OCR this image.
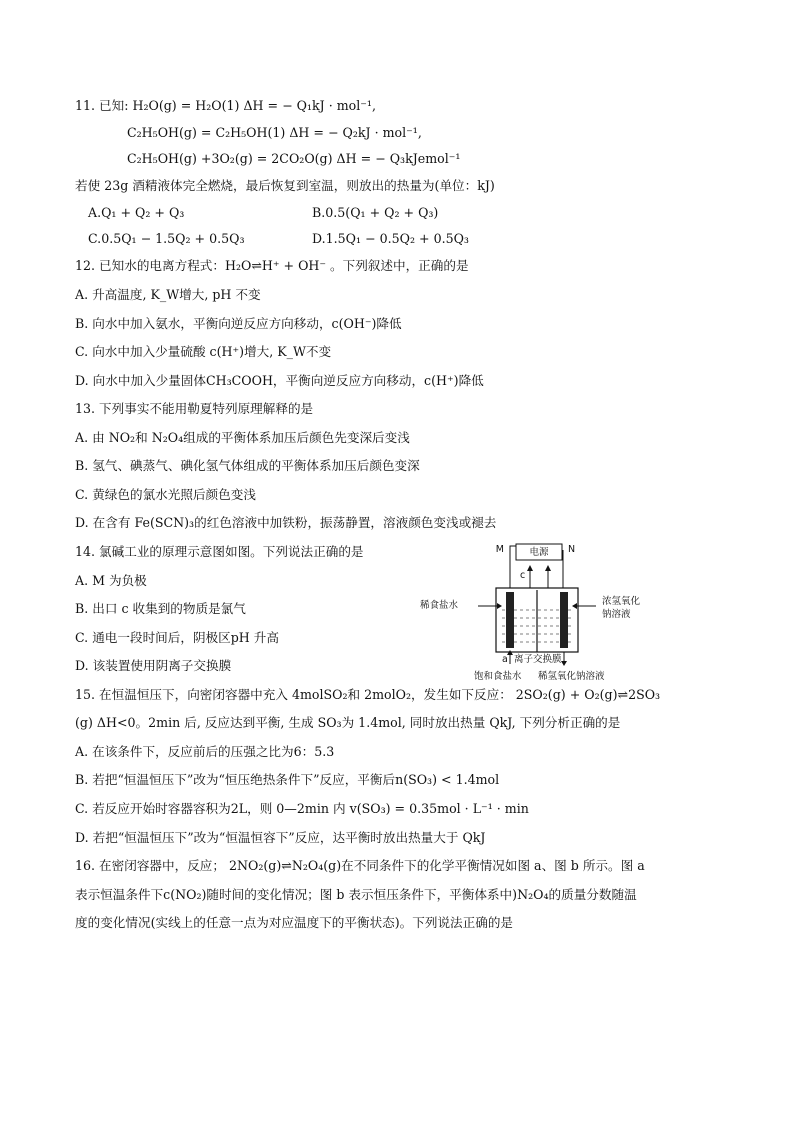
11. 已知: H₂O(g) = H₂O(1) ΔH = − Q₁kJ · mol⁻¹,
C₂H₅OH(g) = C₂H₅OH(1) ΔH = − Q₂kJ · mol⁻¹,
C₂H₅OH(g) +3O₂(g) = 2CO₂O(g) ΔH = − Q₃kJemol⁻¹
若使 23g 酒精液体完全燃烧，最后恢复到室温，则放出的热量为(单位：kJ)
A.Q₁ + Q₂ + Q₃	B.0.5(Q₁ + Q₂ + Q₃)
C.0.5Q₁ − 1.5Q₂ + 0.5Q₃	D.1.5Q₁ − 0.5Q₂ + 0.5Q₃
12. 已知水的电离方程式：H₂O⇌H⁺ + OH⁻ 。下列叙述中，正确的是
A. 升高温度, K_W增大, pH 不变
B. 向水中加入氨水，平衡向逆反应方向移动，c(OH⁻)降低
C. 向水中加入少量硫酸 c(H⁺)增大, K_W不变
D. 向水中加入少量固体CH₃COOH，平衡向逆反应方向移动，c(H⁺)降低
13. 下列事实不能用勒夏特列原理解释的是
A. 由 NO₂和 N₂O₄组成的平衡体系加压后颜色先变深后变浅
B. 氢气、碘蒸气、碘化氢气体组成的平衡体系加压后颜色变深
C. 黄绿色的氯水光照后颜色变浅
D. 在含有 Fe(SCN)₃的红色溶液中加铁粉，振荡静置，溶液颜色变浅或褪去
14. 氯碱工业的原理示意图如图。下列说法正确的是
A. M 为负极
B. 出口 c 收集到的物质是氯气
C. 通电一段时间后，阴极区pH 升高
D. 该装置使用阴离子交换膜
电源
M	N
c
稀食盐水	浓氢氧化
钠溶液
a 离子交换膜
饱和食盐水 稀氢氧化钠溶液
15. 在恒温恒压下，向密闭容器中充入 4molSO₂和 2molO₂，发生如下反应： 2SO₂(g) + O₂(g)⇌2SO₃
(g) ΔH<0。2min 后, 反应达到平衡, 生成 SO₃为 1.4mol, 同时放出热量 QkJ, 下列分析正确的是
A. 在该条件下，反应前后的压强之比为6：5.3
B. 若把“恒温恒压下”改为“恒压绝热条件下”反应，平衡后n(SO₃) < 1.4mol
C. 若反应开始时容器容积为2L，则 0—2min 内 v(SO₃) = 0.35mol · L⁻¹ · min
D. 若把“恒温恒压下”改为“恒温恒容下”反应，达平衡时放出热量大于 QkJ
16. 在密闭容器中，反应； 2NO₂(g)⇌N₂O₄(g)在不同条件下的化学平衡情况如图 a、图 b 所示。图 a
表示恒温条件下c(NO₂)随时间的变化情况；图 b 表示恒压条件下，平衡体系中)N₂O₄的质量分数随温
度的变化情况(实线上的任意一点为对应温度下的平衡状态)。下列说法正确的是
